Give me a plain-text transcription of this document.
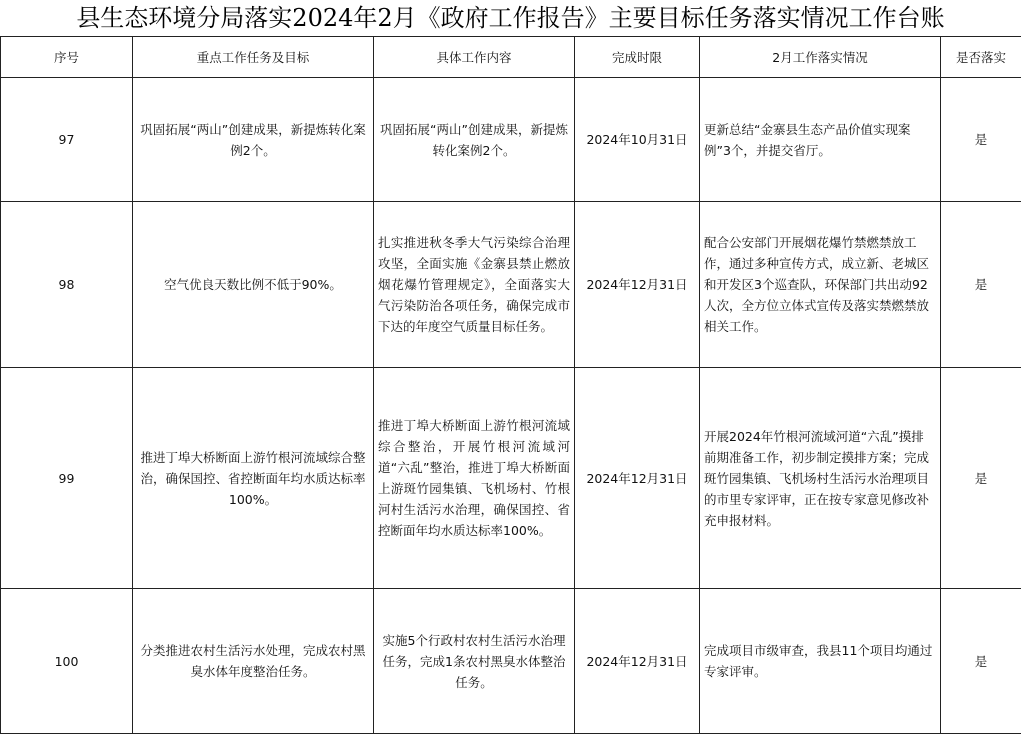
县生态环境分局落实2024年2月《政府工作报告》主要目标任务落实情况工作台账
序号	重点工作任务及目标	具体工作内容	完成时限	2月工作落实情况	是否落实
97	巩固拓展“两山”创建成果，新提炼转化案例2个。	巩固拓展“两山”创建成果，新提炼转化案例2个。	2024年10月31日	更新总结“金寨县生态产品价值实现案例”3个，并提交省厅。	是
98	空气优良天数比例不低于90%。	扎实推进秋冬季大气污染综合治理攻坚，全面实施《金寨县禁止燃放烟花爆竹管理规定》，全面落实大气污染防治各项任务，确保完成市下达的年度空气质量目标任务。	2024年12月31日	配合公安部门开展烟花爆竹禁燃禁放工作，通过多种宣传方式，成立新、老城区和开发区3个巡查队，环保部门共出动92人次，全方位立体式宣传及落实禁燃禁放相关工作。	是
99	推进丁埠大桥断面上游竹根河流域综合整治，确保国控、省控断面年均水质达标率100%。	推进丁埠大桥断面上游竹根河流域综合整治，开展竹根河流域河道“六乱”整治，推进丁埠大桥断面上游斑竹园集镇、飞机场村、竹根河村生活污水治理，确保国控、省控断面年均水质达标率100%。	2024年12月31日	开展2024年竹根河流域河道“六乱”摸排前期准备工作，初步制定摸排方案；完成斑竹园集镇、飞机场村生活污水治理项目的市里专家评审，正在按专家意见修改补充申报材料。	是
100	分类推进农村生活污水处理，完成农村黑臭水体年度整治任务。	实施5个行政村农村生活污水治理任务，完成1条农村黑臭水体整治任务。	2024年12月31日	完成项目市级审查，我县11个项目均通过专家评审。	是
